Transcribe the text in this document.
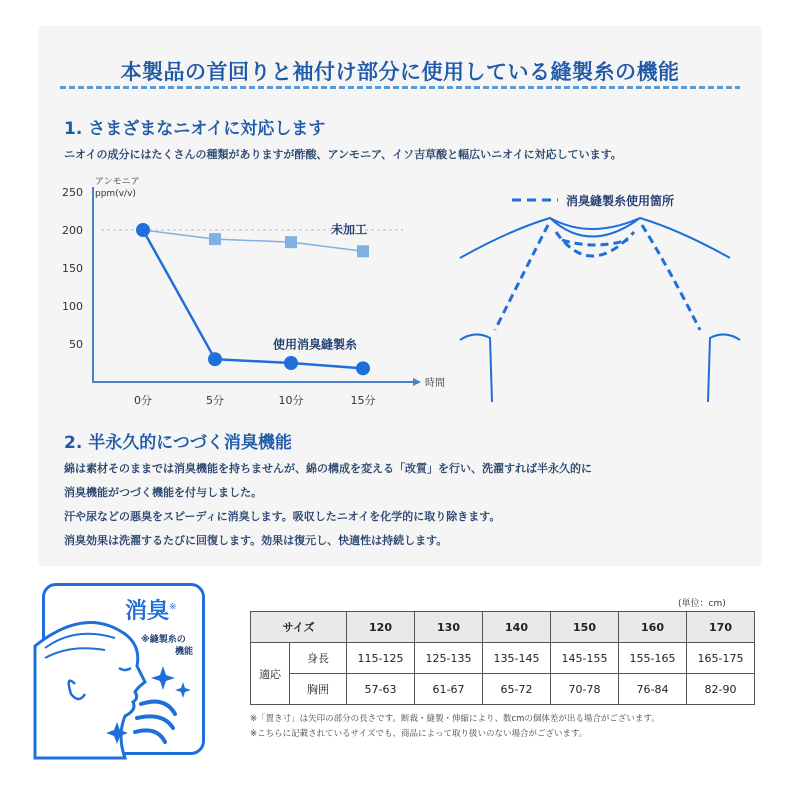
本製品の首回りと袖付け部分に使用している縫製糸の機能
1. さまざまなニオイに対応します
ニオイの成分にはたくさんの種類がありますが酢酸、アンモニア、イソ吉草酸と幅広いニオイに対応しています。
2. 半永久的につづく消臭機能
綿は素材そのままでは消臭機能を持ちませんが、綿の構成を変える「改質」を行い、洗濯すれば半永久的に
消臭機能がつづく機能を付与しました。
汗や尿などの悪臭をスピーディに消臭します。吸収したニオイを化学的に取り除きます。
消臭効果は洗濯するたびに回復します。効果は復元し、快適性は持続します。
250
200
150
100
50
アンモニア
ppm(v/v)
時間
0分	5分	10分	15分
未加工
使用消臭縫製糸
消臭縫製糸使用箇所
消臭※
※縫製糸の
機能
(単位：cm)
サイズ		120	130	140	150	160	170
適応	身長	115-125	125-135	135-145	145-155	155-165	165-175
	胸囲	57-63	61-67	65-72	70-78	76-84	82-90
※「置き寸」は矢印の部分の長さです。断裁・縫製・伸縮により、数cmの個体差が出る場合がございます。
※こちらに記載されているサイズでも、商品によって取り扱いのない場合がございます。
